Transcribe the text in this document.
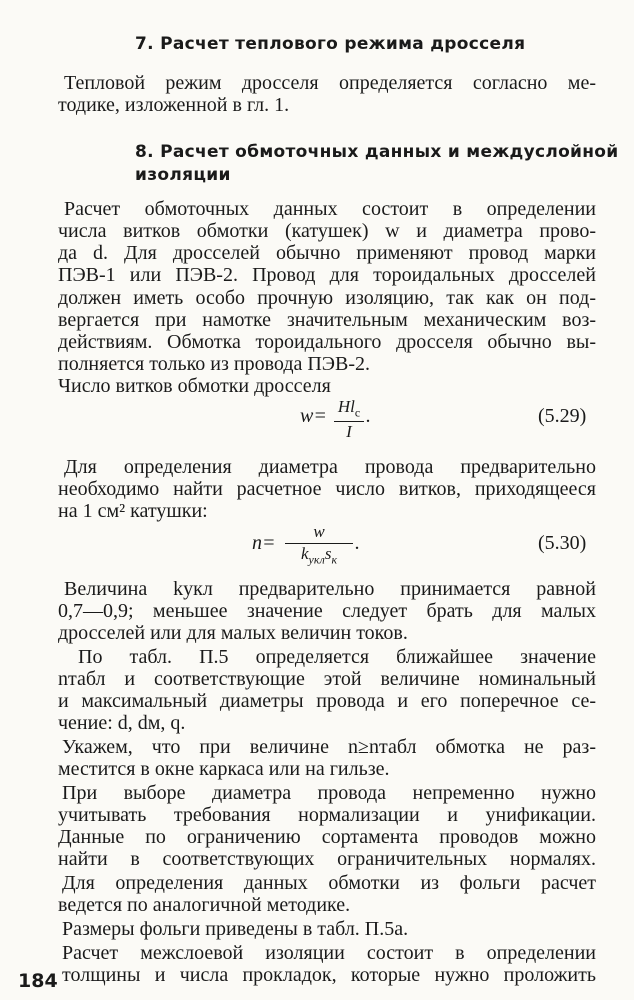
7. Расчет теплового режима дросселя
Тепловой режим дросселя определяется согласно ме-
тодике, изложенной в гл. 1.
8. Расчет обмоточных данных и междуслойной
изоляции
Расчет обмоточных данных состоит в определении
числа витков обмотки (катушек) w и диаметра прово-
да d. Для дросселей обычно применяют провод марки
ПЭВ-1 или ПЭВ-2. Провод для тороидальных дросселей
должен иметь особо прочную изоляцию, так как он под-
вергается при намотке значительным механическим воз-
действиям. Обмотка тороидального дросселя обычно вы-
полняется только из провода ПЭВ-2.
Число витков обмотки дросселя
$w= Hl_c$
I
.	(5.29)
Для определения диаметра провода предварительно
необходимо найти расчетное число витков, приходящееся
на 1 см² катушки:
n=
w
$k_{укл}s_к$
.	(5.30)
Величина kукл предварительно принимается равной
0,7—0,9; меньшее значение следует брать для малых
дросселей или для малых величин токов.
По табл. П.5 определяется ближайшее значение
nтабл и соответствующие этой величине номинальный
и максимальный диаметры провода и его поперечное се-
чение: d, dм, q.
Укажем, что при величине n≥nтабл обмотка не раз-
местится в окне каркаса или на гильзе.
При выборе диаметра провода непременно нужно
учитывать требования нормализации и унификации.
Данные по ограничению сортамента проводов можно
найти в соответствующих ограничительных нормалях.
Для определения данных обмотки из фольги расчет
ведется по аналогичной методике.
Размеры фольги приведены в табл. П.5а.
Расчет межслоевой изоляции состоит в определении
толщины и числа прокладок, которые нужно проложить
184
